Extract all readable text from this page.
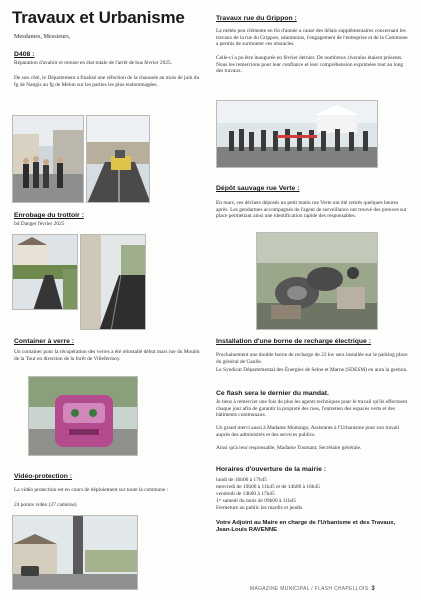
Travaux et Urbanisme
Mesdames, Messieurs,
D408 :
Réparation d'avaloir et remise en état totale de l'arrêt de bus février 2025.
De son côté, le Département a finalisé une réfection de la chaussée au mois de juin du fg de Nangis au fg de Melun sur les parties les plus endommagées.
Enrobage du trottoir :
bd Danger février 2025
Container à verre :
Un container pour la récupération des verres a été réinstallé début mars rue du Moulin de la Tour en direction de la forêt de Villefermoy.
Vidéo-protection :
La vidéo protection est en cours de déploiement sur toute la commune :
24 points vidéo (37 caméras)
Travaux rue du Grippon :
La météo peu clémente en fin d'année a causé des délais supplémentaires concernant les travaux de la rue du Grippon, néanmoins, l'engagement de l'entreprise et de la Commune a permis de surmonter ces obstacles.
Celle-ci a pu être inaugurée en février dernier. De nombreux riverains étaient présents. Nous les remercions pour leur confiance et leur compréhension exprimées tout au long des travaux.
Dépôt sauvage rue Verte :
En mars, ces déchets déposés un petit matin rue Verte ont été retirés quelques heures après. Les gendarmes accompagnés de l'agent de surveillance ont trouvé des preuves sur place permettant ainsi une identification rapide des responsables.
Installation d'une borne de recharge électrique :
Prochainement une double borne de recharge de 22 kw sera installée sur le parking place du général de Gaulle.
Le Syndicat Départemental des Énergies de Seine et Marne (SDESM) en aura la gestion.
Ce flash sera le dernier du mandat.
Je tiens à remercier une fois de plus les agents techniques pour le travail qu'ils effectuent chaque jour afin de garantir la propreté des rues, l'entretien des espaces verts et des bâtiments communaux.
Un grand merci aussi à Madame Montaigu, Assistante à l'Urbanisme pour son travail auprès des administrés et des services publics.
Ainsi qu'à leur responsable, Madame Toumant, Secrétaire générale.
Horaires d'ouverture de la mairie :
lundi de 16h00 à 17h45
mercredi de 10h00 à 11h45 et de 14h00 à 16h45
vendredi de 14h00 à 17h45
1ᵉʳ samedi du mois de 09h00 à 11h45
Fermeture au public les mardis et jeudis
Votre Adjoint au Maire en charge de l'Urbanisme et des Travaux, Jean-Louis RAVENNE
MAGAZINE MUNICIPAL / FLASH CHAPELLOIS 3
